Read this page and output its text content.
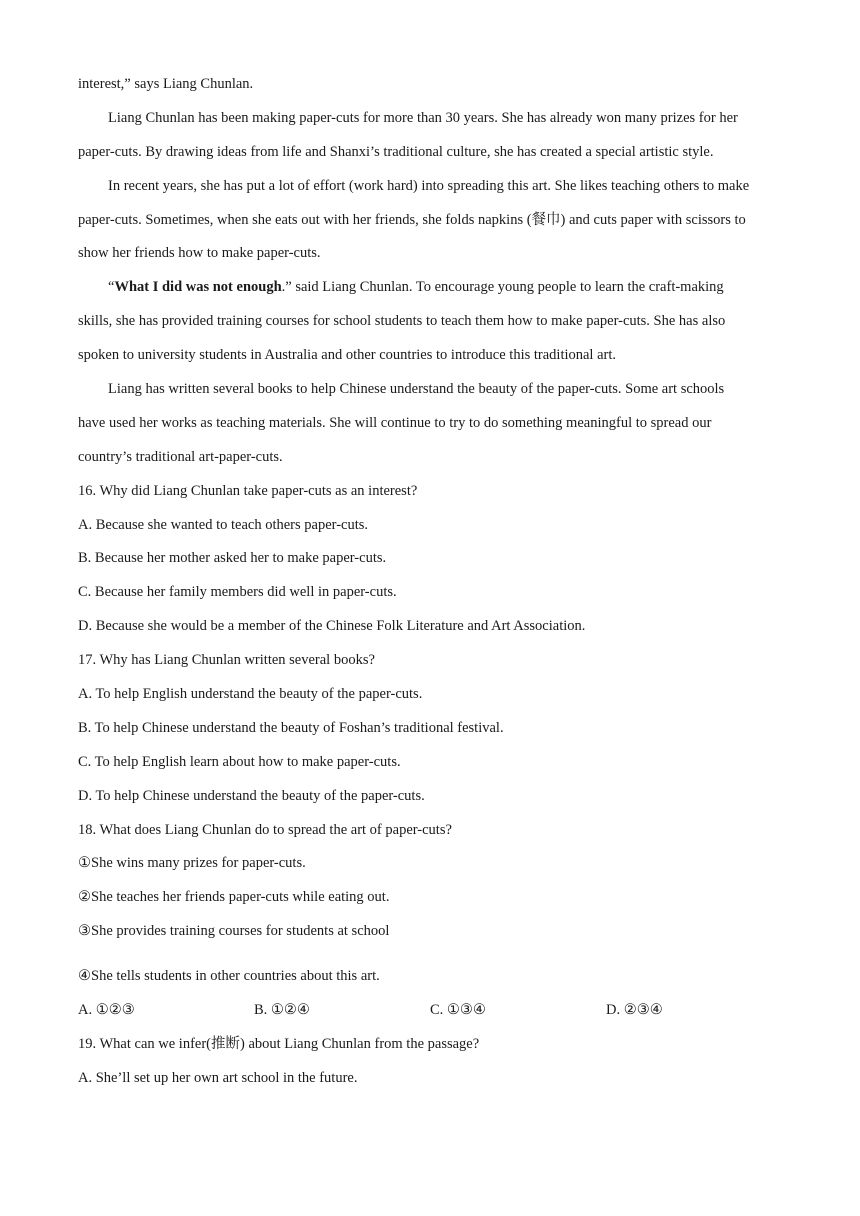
interest,” says Liang Chunlan.
Liang Chunlan has been making paper-cuts for more than 30 years. She has already won many prizes for her
paper-cuts. By drawing ideas from life and Shanxi’s traditional culture, she has created a special artistic style.
In recent years, she has put a lot of effort (work hard) into spreading this art. She likes teaching others to make
paper-cuts. Sometimes, when she eats out with her friends, she folds napkins (餐巾) and cuts paper with scissors to
show her friends how to make paper-cuts.
“What I did was not enough.” said Liang Chunlan. To encourage young people to learn the craft-making
skills, she has provided training courses for school students to teach them how to make paper-cuts. She has also
spoken to university students in Australia and other countries to introduce this traditional art.
Liang has written several books to help Chinese understand the beauty of the paper-cuts. Some art schools
have used her works as teaching materials. She will continue to try to do something meaningful to spread our
country’s traditional art-paper-cuts.
16. Why did Liang Chunlan take paper-cuts as an interest?
A. Because she wanted to teach others paper-cuts.
B. Because her mother asked her to make paper-cuts.
C. Because her family members did well in paper-cuts.
D. Because she would be a member of the Chinese Folk Literature and Art Association.
17. Why has Liang Chunlan written several books?
A. To help English understand the beauty of the paper-cuts.
B. To help Chinese understand the beauty of Foshan’s traditional festival.
C. To help English learn about how to make paper-cuts.
D. To help Chinese understand the beauty of the paper-cuts.
18. What does Liang Chunlan do to spread the art of paper-cuts?
①She wins many prizes for paper-cuts.
②She teaches her friends paper-cuts while eating out.
③She provides training courses for students at school
④She tells students in other countries about this art.
A. ①②③	B. ①②④	C. ①③④	D. ②③④
19. What can we infer(推断) about Liang Chunlan from the passage?
A. She’ll set up her own art school in the future.
